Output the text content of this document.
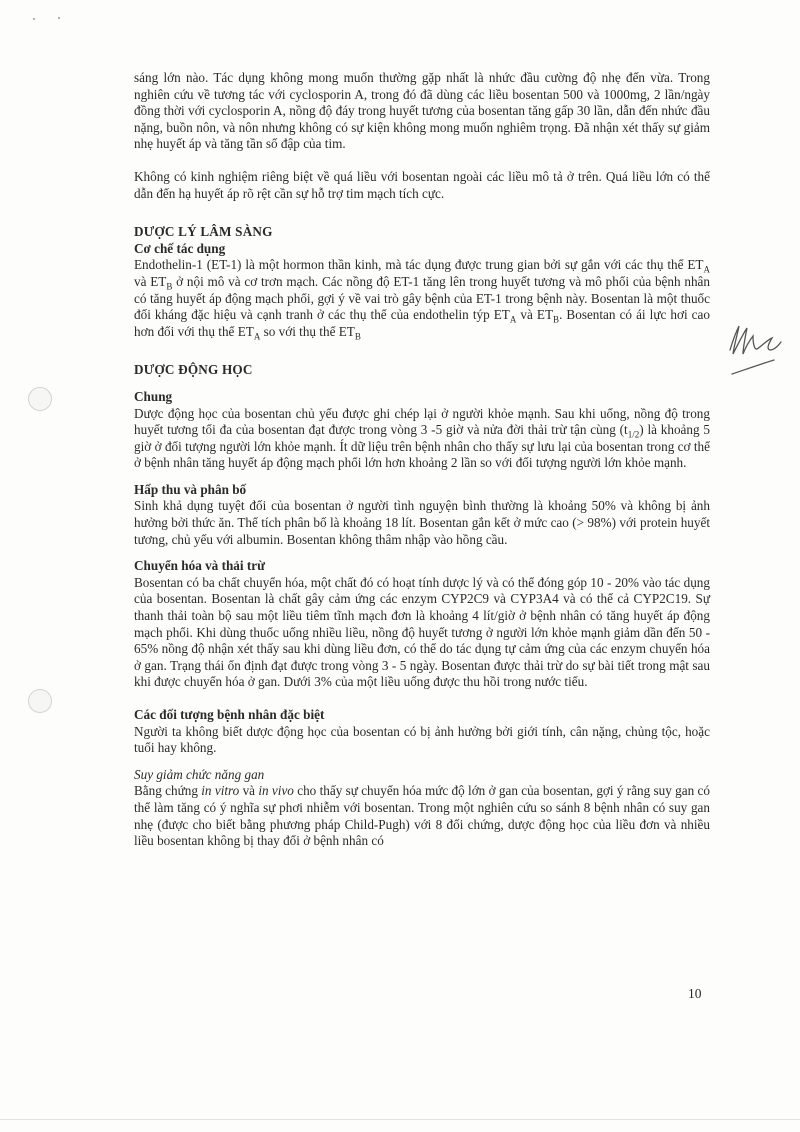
sáng lớn nào. Tác dụng không mong muốn thường gặp nhất là nhức đầu cường độ nhẹ đến vừa. Trong nghiên cứu về tương tác với cyclosporin A, trong đó đã dùng các liều bosentan 500 và 1000mg, 2 lần/ngày đồng thời với cyclosporin A, nồng độ đáy trong huyết tương của bosentan tăng gấp 30 lần, dẫn đến nhức đầu nặng, buồn nôn, và nôn nhưng không có sự kiện không mong muốn nghiêm trọng. Đã nhận xét thấy sự giảm nhẹ huyết áp và tăng tần số đập của tim.

Không có kinh nghiệm riêng biệt về quá liều với bosentan ngoài các liều mô tả ở trên. Quá liều lớn có thể dẫn đến hạ huyết áp rõ rệt cần sự hỗ trợ tim mạch tích cực.

DƯỢC LÝ LÂM SÀNG

Cơ chế tác dụng

Endothelin-1 (ET-1) là một hormon thần kinh, mà tác dụng được trung gian bởi sự gắn với các thụ thể $ET_A$ và $ET_B$ ở nội mô và cơ trơn mạch. Các nồng độ ET-1 tăng lên trong huyết tương và mô phổi của bệnh nhân có tăng huyết áp động mạch phổi, gợi ý về vai trò gây bệnh của ET-1 trong bệnh này. Bosentan là một thuốc đối kháng đặc hiệu và cạnh tranh ở các thụ thể của endothelin týp $ET_A$ và $ET_B$. Bosentan có ái lực hơi cao hơn đối với thụ thể $ET_A$ so với thụ thể $ET_B$

DƯỢC ĐỘNG HỌC

Chung

Dược động học của bosentan chủ yếu được ghi chép lại ở người khỏe mạnh. Sau khi uống, nồng độ trong huyết tương tối đa của bosentan đạt được trong vòng 3 -5 giờ và nửa đời thải trừ tận cùng $(t_{1/2})$ là khoảng 5 giờ ở đối tượng người lớn khỏe mạnh. Ít dữ liệu trên bệnh nhân cho thấy sự lưu lại của bosentan trong cơ thể ở bệnh nhân tăng huyết áp động mạch phổi lớn hơn khoảng 2 lần so với đối tượng người lớn khỏe mạnh.

Hấp thu và phân bố

Sinh khả dụng tuyệt đối của bosentan ở người tình nguyện bình thường là khoảng 50% và không bị ảnh hưởng bởi thức ăn. Thể tích phân bố là khoảng 18 lít. Bosentan gắn kết ở mức cao (> 98%) với protein huyết tương, chủ yếu với albumin. Bosentan không thâm nhập vào hồng cầu.

Chuyển hóa và thải trừ

Bosentan có ba chất chuyển hóa, một chất đó có hoạt tính dược lý và có thể đóng góp 10 - 20% vào tác dụng của bosentan. Bosentan là chất gây cảm ứng các enzym CYP2C9 và CYP3A4 và có thể cả CYP2C19. Sự thanh thải toàn bộ sau một liều tiêm tĩnh mạch đơn là khoảng 4 lít/giờ ở bệnh nhân có tăng huyết áp động mạch phổi. Khi dùng thuốc uống nhiều liều, nồng độ huyết tương ở người lớn khỏe mạnh giảm dần đến 50 - 65% nồng độ nhận xét thấy sau khi dùng liều đơn, có thể do tác dụng tự cảm ứng của các enzym chuyển hóa ở gan. Trạng thái ổn định đạt được trong vòng 3 - 5 ngày. Bosentan được thải trừ do sự bài tiết trong mật sau khi được chuyển hóa ở gan. Dưới 3% của một liều uống được thu hồi trong nước tiểu.

Các đối tượng bệnh nhân đặc biệt

Người ta không biết dược động học của bosentan có bị ảnh hưởng bởi giới tính, cân nặng, chủng tộc, hoặc tuổi hay không.

Suy giảm chức năng gan

Bằng chứng in vitro và in vivo cho thấy sự chuyển hóa mức độ lớn ở gan của bosentan, gợi ý rằng suy gan có thể làm tăng có ý nghĩa sự phơi nhiễm với bosentan. Trong một nghiên cứu so sánh 8 bệnh nhân có suy gan nhẹ (được cho biết bằng phương pháp Child-Pugh) với 8 đối chứng, dược động học của liều đơn và nhiều liều bosentan không bị thay đổi ở bệnh nhân có

10
